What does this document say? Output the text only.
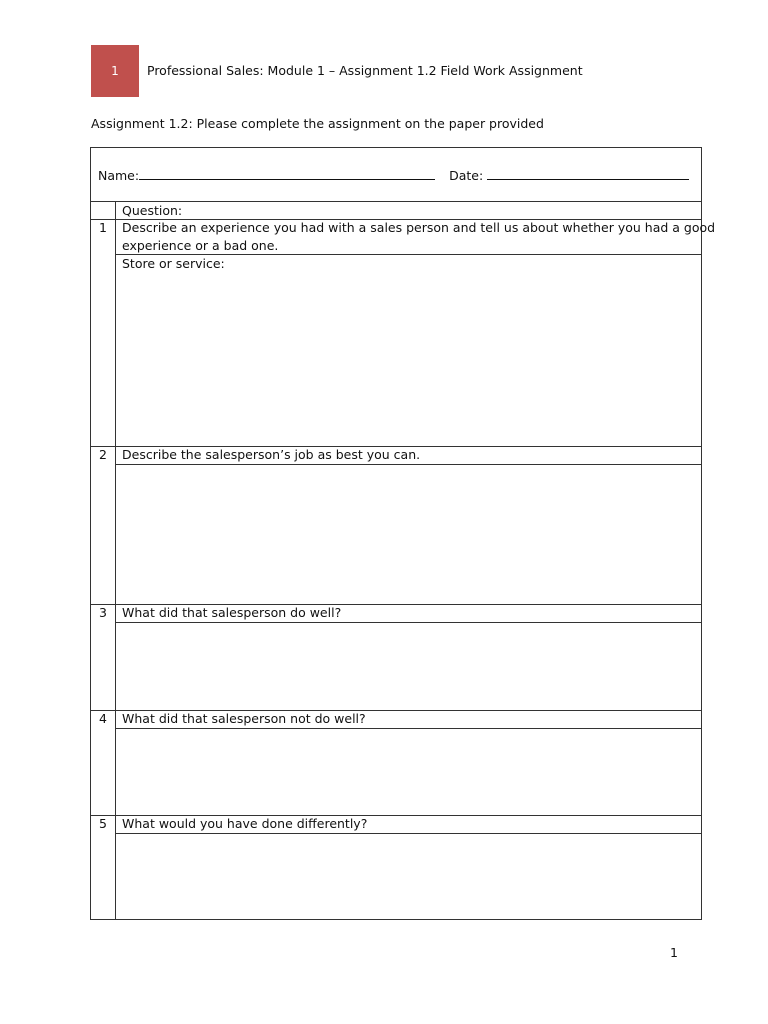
1	Professional Sales: Module 1 – Assignment 1.2 Field Work Assignment
Assignment 1.2: Please complete the assignment on the paper provided
Name:	Date:
Question:
1	Describe an experience you had with a sales person and tell us about whether you had a good
experience or a bad one.
Store or service:
2	Describe the salesperson’s job as best you can.
3	What did that salesperson do well?
4	What did that salesperson not do well?
5	What would you have done differently?
1
